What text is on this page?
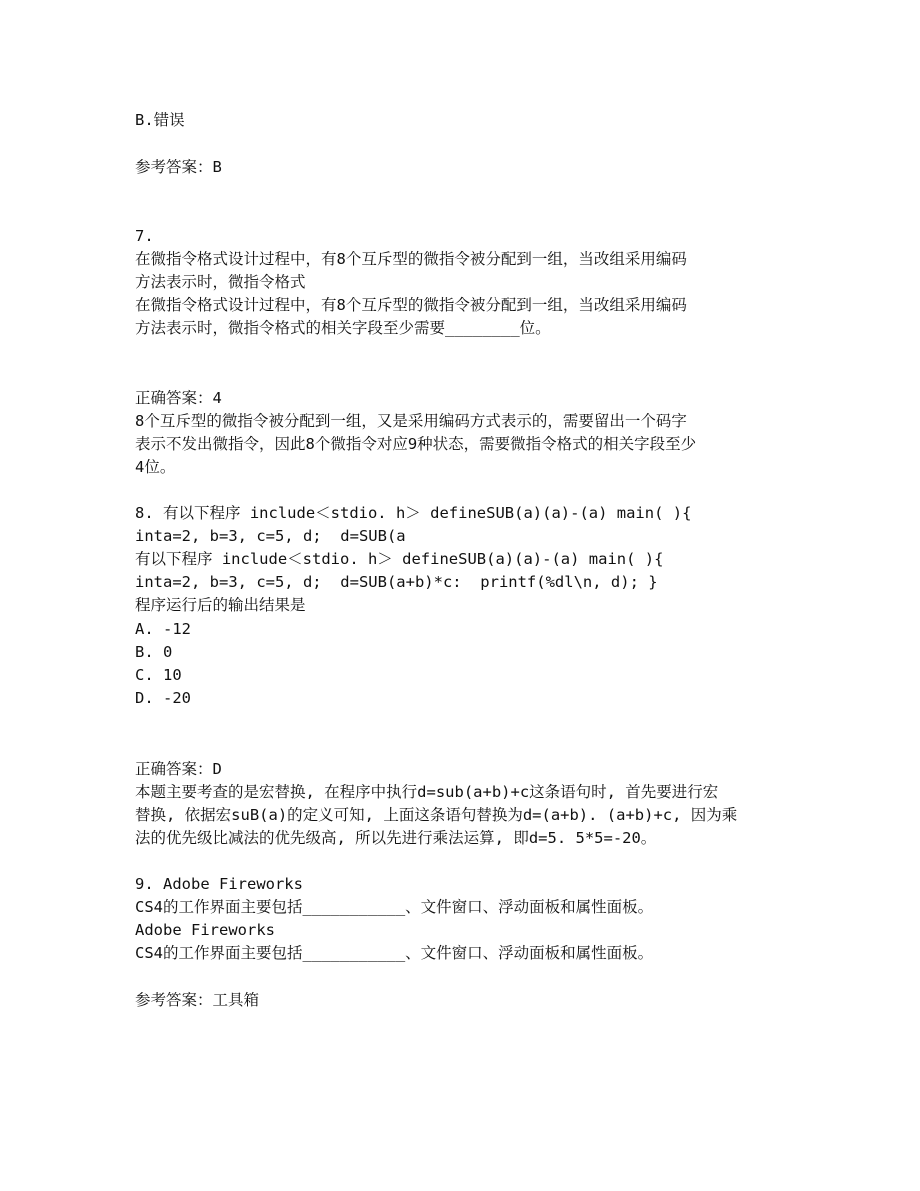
B.错误
参考答案：B
7.
在微指令格式设计过程中，有8个互斥型的微指令被分配到一组，当改组采用编码
方法表示时，微指令格式
在微指令格式设计过程中，有8个互斥型的微指令被分配到一组，当改组采用编码
方法表示时，微指令格式的相关字段至少需要________位。
正确答案：4
8个互斥型的微指令被分配到一组，又是采用编码方式表示的，需要留出一个码字
表示不发出微指令，因此8个微指令对应9种状态，需要微指令格式的相关字段至少
4位。
8. 有以下程序 include＜stdio. h＞ defineSUB(a)(a)-(a) main( ){
inta=2, b=3, c=5, d;  d=SUB(a
有以下程序 include＜stdio. h＞ defineSUB(a)(a)-(a) main( ){
inta=2, b=3, c=5, d;  d=SUB(a+b)*c:  printf(%dl\n, d); }
程序运行后的输出结果是
A. -12
B. 0
C. 10
D. -20
正确答案：D
本题主要考查的是宏替换, 在程序中执行d=sub(a+b)+c这条语句时, 首先要进行宏
替换, 依据宏suB(a)的定义可知, 上面这条语句替换为d=(a+b). (a+b)+c, 因为乘
法的优先级比减法的优先级高, 所以先进行乘法运算, 即d=5. 5*5=-20。
9. Adobe Fireworks
CS4的工作界面主要包括___________、文件窗口、浮动面板和属性面板。
Adobe Fireworks
CS4的工作界面主要包括___________、文件窗口、浮动面板和属性面板。
参考答案：工具箱
